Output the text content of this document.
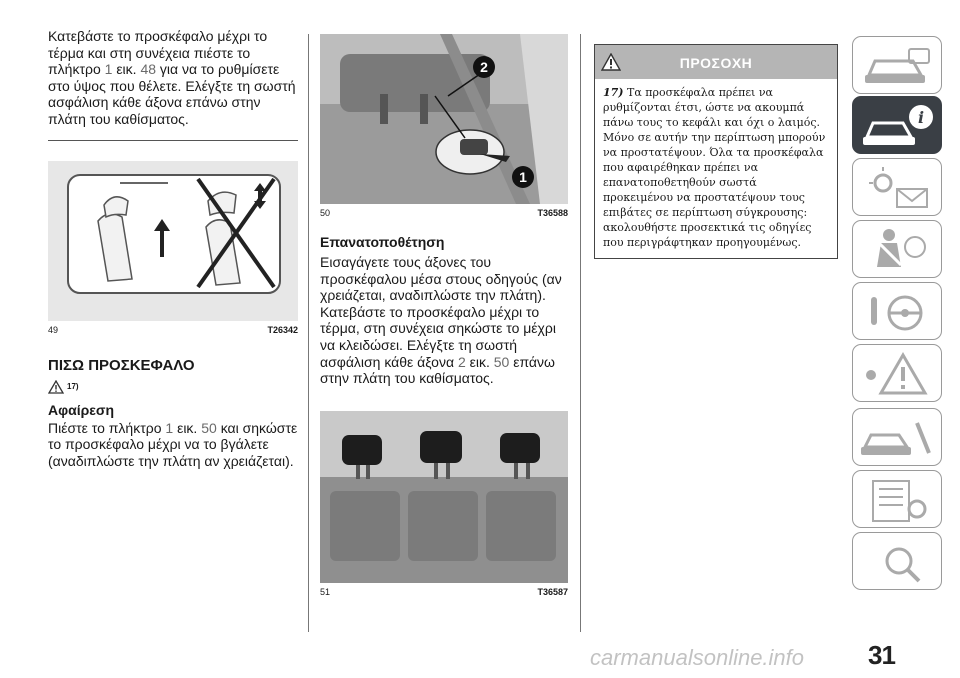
Κατεβάστε το προσκέφαλο μέχρι το τέρμα και στη συνέχεια πιέστε το πλήκτρο 1 εικ. 48 για να το ρυθμίσετε στο ύψος που θέλετε. Ελέγξτε τη σωστή ασφάλιση κάθε άξονα επάνω στην πλάτη του καθίσματος.

49	T26342

ΠΙΣΩ ΠΡΟΣΚΕΦΑΛΟ

17)

Αφαίρεση

Πιέστε το πλήκτρο 1 εικ. 50 και σηκώστε το προσκέφαλο μέχρι να το βγάλετε (αναδιπλώστε την πλάτη αν χρειάζεται).

2
1
50	T36588

Επανατοποθέτηση

Εισαγάγετε τους άξονες του προσκέφαλου μέσα στους οδηγούς (αν χρειάζεται, αναδιπλώστε την πλάτη). Κατεβάστε το προσκέφαλο μέχρι το τέρμα, στη συνέχεια σηκώστε το μέχρι να κλειδώσει. Ελέγξτε τη σωστή ασφάλιση κάθε άξονα 2 εικ. 50 επάνω στην πλάτη του καθίσματος.

51	T36587
ΠΡΟΣΟΧΗ
17) Τα προσκέφαλα πρέπει να ρυθμίζονται έτσι, ώστε να ακουμπά πάνω τους το κεφάλι και όχι ο λαιμός. Μόνο σε αυτήν την περίπτωση μπορούν να προστατέψουν. Όλα τα προσκέφαλα που αφαιρέθηκαν πρέπει να επανατοποθετηθούν σωστά προκειμένου να προστατέψουν τους επιβάτες σε περίπτωση σύγκρουσης: ακολουθήστε προσεκτικά τις οδηγίες που περιγράφτηκαν προηγουμένως.
i
31
carmanualsonline.info
